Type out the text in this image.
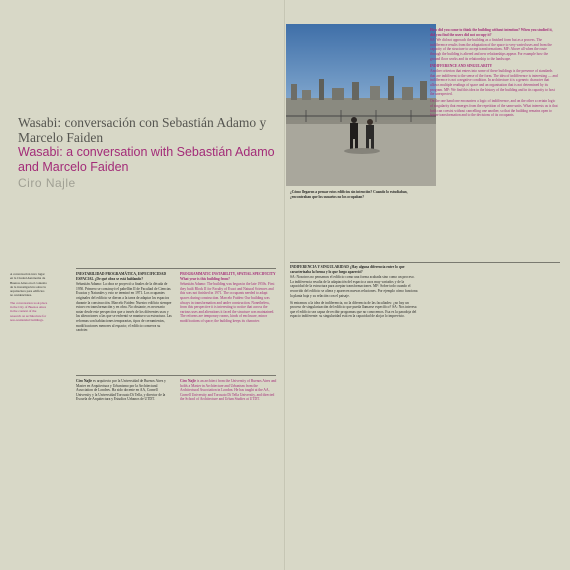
Wasabi: conversación con Sebastián Adamo y Marcelo Faiden

Wasabi: a conversation with Sebastián Adamo and Marcelo Faiden

Ciro Najle

A conversación tuvo lugar en la Ciudad Autónoma de Buenos Aires en el contexto de la investigación sobre la arquitectura para edificios no residenciales.

The conversation took place in the City of Buenos Aires in the context of the research on architecture for non-residential buildings.

INESTABILIDAD PROGRAMÁTICA, ESPECIFICIDAD ESPACIAL ¿De qué obra se está hablando?

Sebastián Adamo: La obra se proyectó a finales de la década de 1950. Primero se construyó el pabellón II de Facultad de Ciencias Exactas y Naturales y esto se terminó en 1971. Los ocupantes originales del edificio se dieron a la tarea de adaptar los espacios durante la construcción. Marcelo Faiden: Nuestro edificio siempre estuvo en transformación y en obra. No obstante, es necesario notar desde este perspectiva que a través de los diferentes usos y las alteraciones a las que se enfrentó se mantuvo su estructura. Las reformas son habitaciones temporarias, tipos de cerramientos, modificaciones menores al espacio; el edificio conserva su carácter.

Ciro Najle

es arquitecto por la Universidad de Buenos Aires y Master en Arquitectura y Urbanismo por la Architectural Association de Londres. Ha sido docente en AA, Cornell University y la Universidad Torcuato Di Tella, y director de la Escuela de Arquitectura y Estudios Urbanos de UTDT.

PROGRAMMATIC INSTABILITY, SPATIAL SPECIFICITY What year is this building from?

Sebastián Adamo: The building was begun in the late 1950s. First they built Block II for Faculty of Exact and Natural Sciences and this was not finished in 1971. The occupants needed to adapt spaces during construction. Marcelo Faiden: Our building was always in transformation and under construction. Nonetheless, from this perspective it is interesting to notice that across the various uses and alterations it faced the structure was maintained. The reforms are temporary rooms, kinds of enclosure, minor modifications of space; the building keeps its character.

Ciro Najle

is an architect from the University of Buenos Aires and holds a Master in Architecture and Urbanism from the Architectural Association in London. He has taught at the AA, Cornell University and Torcuato Di Tella University, and directed the School of Architecture and Urban Studies at UTDT.

¿Cómo llegaron a pensar estos edificios sin intención? Cuando lo estudiaban, ¿encontraban que los usuarios no los ocupaban?

INDIFERENCIA Y SINGULARIDAD ¿Hay alguna diferencia entre lo que caracterizaba la forma y lo que luego apareció?

SA: Nosotros no pensamos el edificio como una forma acabada sino como un proceso. La indiferencia resulta de la adaptación del espacio a usos muy variados y de la capacidad de la estructura para aceptar transformaciones. MF: Sobre todo cuando el recorrido del edificio se altera y aparecen nuevas relaciones. Por ejemplo cómo funciona la planta baja y su relación con el paisaje.

Si entramos a la idea de indiferencia, no la diferencia de las facultades: ¿no hay un proceso de singularización del edificio que pueda llamarse específico? SA: Nos interesa que el edificio sea capaz de recibir programas que no conocemos. Esa es la paradoja del espacio indiferente: su singularidad está en la capacidad de alojar lo imprevisto.

How did you come to think the building without intention? When you studied it, did you find the users did not occupy it?

SA: We did not approach the building as a finished form but as a process. The indifference results from the adaptation of the space to very varied uses and from the capacity of the structure to accept transformations. MF: Above all when the route through the building is altered and new relationships appear. For example how the ground floor works and its relationship to the landscape.

INDIFFERENCE AND SINGULARITY

Another criterion that enters into some of these buildings is the presence of standards that are indifferent to the sense of the form. The idea of indifference is interesting — and indifference is not a negative condition. In architecture it is a generic character that allows multiple readings of space and an organisation that is not determined by its program. MF: We find this idea in the history of the building and in its capacity to host the unexpected.

On the one hand one encounters a logic of indifference, and on the other a certain logic of singularity that emerges from the repetition of the same units. What interests us is that both can coexist without cancelling one another, so that the building remains open to future transformation and to the decisions of its occupants.
